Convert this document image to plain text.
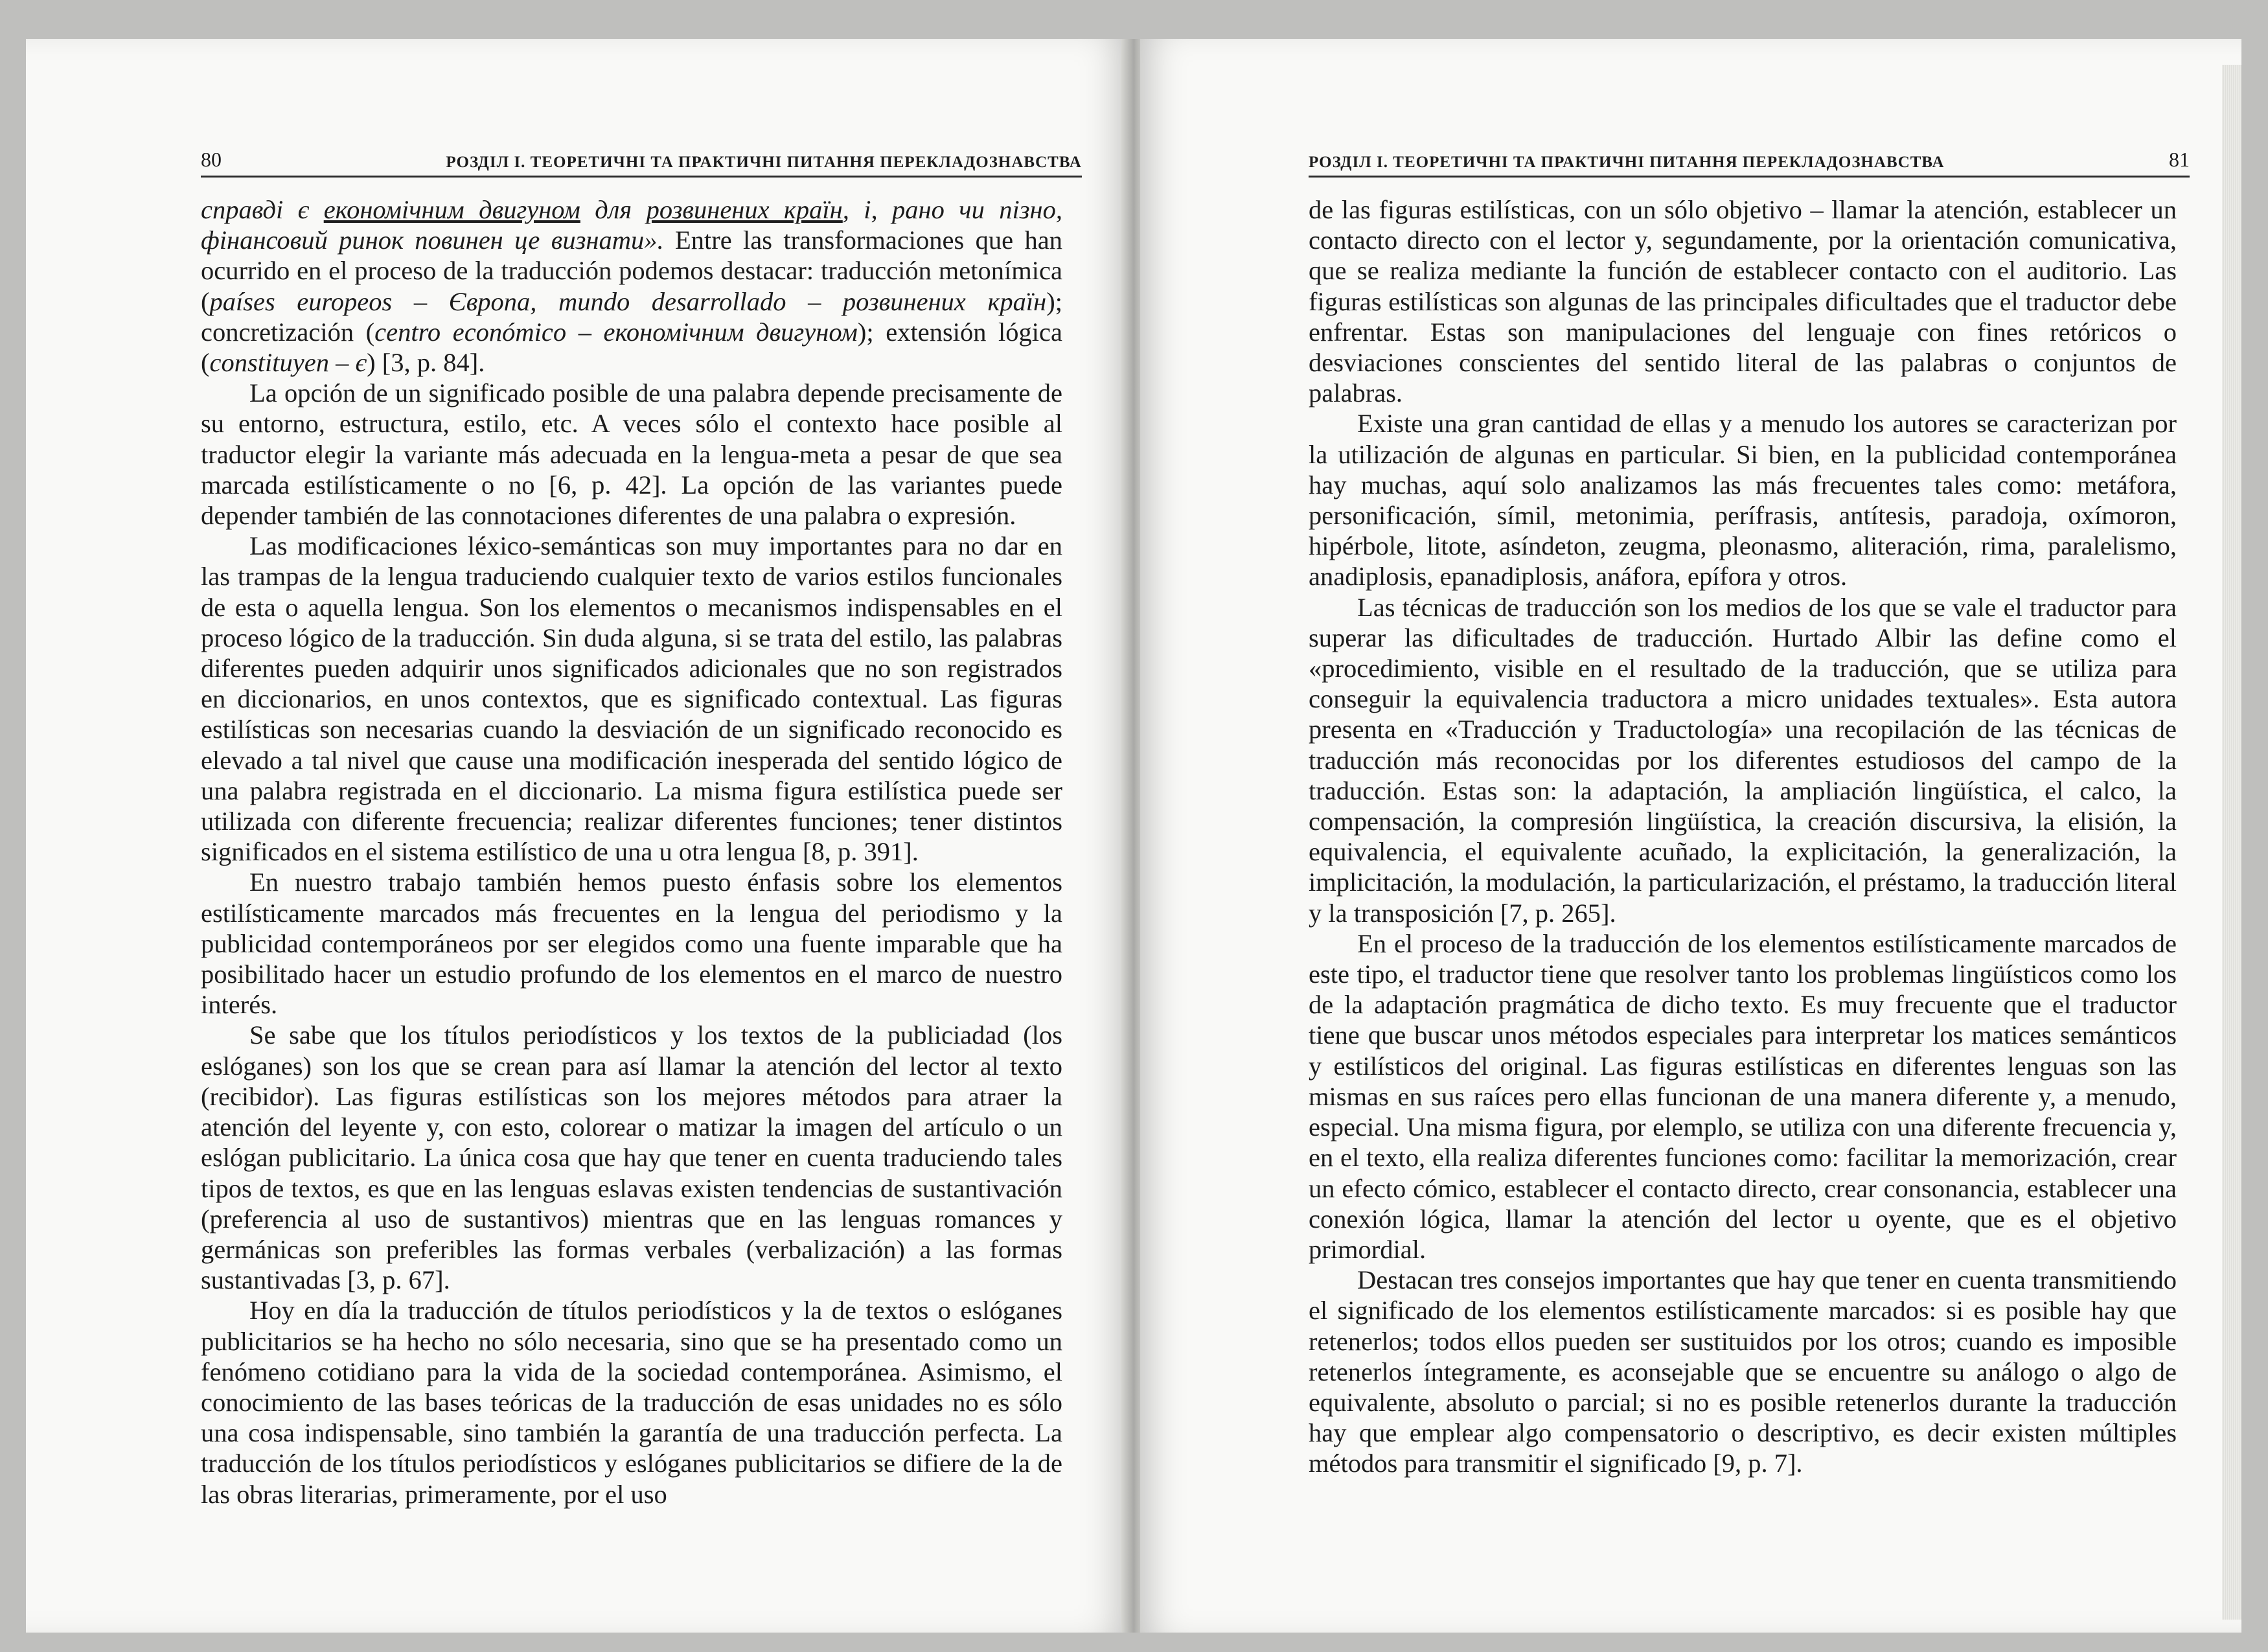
80	РОЗДІЛ І. ТЕОРЕТИЧНІ ТА ПРАКТИЧНІ ПИТАННЯ ПЕРЕКЛАДОЗНАВСТВА

справді є економічним двигуном для розвинених країн, і, рано чи пізно, фінансовий ринок повинен це визнати». Entre las transformaciones que han ocurrido en el proceso de la traducción podemos destacar: traducción metonímica (países europeos – Європа, mundo desarrollado – розвинених країн); concretización (centro económico – економічним двигуном); extensión lógica (constituyen – є) [3, p. 84].

La opción de un significado posible de una palabra depende precisamente de su entorno, estructura, estilo, etc. A veces sólo el contexto hace posible al traductor elegir la variante más adecuada en la lengua-meta a pesar de que sea marcada estilísticamente o no [6, p. 42]. La opción de las variantes puede depender también de las connotaciones diferentes de una palabra o expresión.

Las modificaciones léxico-semánticas son muy importantes para no dar en las trampas de la lengua traduciendo cualquier texto de varios estilos funcionales de esta o aquella lengua. Son los elementos o mecanismos indispensables en el proceso lógico de la traducción. Sin duda alguna, si se trata del estilo, las palabras diferentes pueden adquirir unos significados adicionales que no son registrados en diccionarios, en unos contextos, que es significado contextual. Las figuras estilísticas son necesarias cuando la desviación de un significado reconocido es elevado a tal nivel que cause una modificación inesperada del sentido lógico de una palabra registrada en el diccionario. La misma figura estilística puede ser utilizada con diferente frecuencia; realizar diferentes funciones; tener distintos significados en el sistema estilístico de una u otra lengua [8, p. 391].

En nuestro trabajo también hemos puesto énfasis sobre los elementos estilísticamente marcados más frecuentes en la lengua del periodismo y la publicidad contemporáneos por ser elegidos como una fuente imparable que ha posibilitado hacer un estudio profundo de los elementos en el marco de nuestro interés.

Se sabe que los títulos periodísticos y los textos de la publiciadad (los eslóganes) son los que se crean para así llamar la atención del lector al texto (recibidor). Las figuras estilísticas son los mejores métodos para atraer la atención del leyente y, con esto, colorear o matizar la imagen del artículo o un eslógan publicitario. La única cosa que hay que tener en cuenta traduciendo tales tipos de textos, es que en las lenguas eslavas existen tendencias de sustantivación (preferencia al uso de sustantivos) mientras que en las lenguas romances y germánicas son preferibles las formas verbales (verbalización) a las formas sustantivadas [3, p. 67].

Hoy en día la traducción de títulos periodísticos y la de textos o eslóganes publicitarios se ha hecho no sólo necesaria, sino que se ha presentado como un fenómeno cotidiano para la vida de la sociedad contemporánea. Asimismo, el conocimiento de las bases teóricas de la traducción de esas unidades no es sólo una cosa indispensable, sino también la garantía de una traducción perfecta. La traducción de los títulos periodísticos y eslóganes publicitarios se difiere de la de las obras literarias, primeramente, por el uso

РОЗДІЛ І. ТЕОРЕТИЧНІ ТА ПРАКТИЧНІ ПИТАННЯ ПЕРЕКЛАДОЗНАВСТВА	81

de las figuras estilísticas, con un sólo objetivo – llamar la atención, establecer un contacto directo con el lector y, segundamente, por la orientación comunicativa, que se realiza mediante la función de establecer contacto con el auditorio. Las figuras estilísticas son algunas de las principales dificultades que el traductor debe enfrentar. Estas son manipulaciones del lenguaje con fines retóricos o desviaciones conscientes del sentido literal de las palabras o conjuntos de palabras.

Existe una gran cantidad de ellas y a menudo los autores se caracterizan por la utilización de algunas en particular. Si bien, en la publicidad contemporánea hay muchas, aquí solo analizamos las más frecuentes tales como: metáfora, personificación, símil, metonimia, perífrasis, antítesis, paradoja, oxímoron, hipérbole, litote, asíndeton, zeugma, pleonasmo, aliteración, rima, paralelismo, anadiplosis, epanadiplosis, anáfora, epífora y otros.

Las técnicas de traducción son los medios de los que se vale el traductor para superar las dificultades de traducción. Hurtado Albir las define como el «procedimiento, visible en el resultado de la traducción, que se utiliza para conseguir la equivalencia traductora a micro unidades textuales». Esta autora presenta en «Traducción y Traductología» una recopilación de las técnicas de traducción más reconocidas por los diferentes estudiosos del campo de la traducción. Estas son: la adaptación, la ampliación lingüística, el calco, la compensación, la compresión lingüística, la creación discursiva, la elisión, la equivalencia, el equivalente acuñado, la explicitación, la generalización, la implicitación, la modulación, la particularización, el préstamo, la traducción literal y la transposición [7, p. 265].

En el proceso de la traducción de los elementos estilísticamente marcados de este tipo, el traductor tiene que resolver tanto los problemas lingüísticos como los de la adaptación pragmática de dicho texto. Es muy frecuente que el traductor tiene que buscar unos métodos especiales para interpretar los matices semánticos y estilísticos del original. Las figuras estilísticas en diferentes lenguas son las mismas en sus raíces pero ellas funcionan de una manera diferente y, a menudo, especial. Una misma figura, por elemplo, se utiliza con una diferente frecuencia y, en el texto, ella realiza diferentes funciones como: facilitar la memorización, crear un efecto cómico, establecer el contacto directo, crear consonancia, establecer una conexión lógica, llamar la atención del lector u oyente, que es el objetivo primordial.

Destacan tres consejos importantes que hay que tener en cuenta transmitiendo el significado de los elementos estilísticamente marcados: si es posible hay que retenerlos; todos ellos pueden ser sustituidos por los otros; cuando es imposible retenerlos íntegramente, es aconsejable que se encuentre su análogo o algo de equivalente, absoluto o parcial; si no es posible retenerlos durante la traducción hay que emplear algo compensatorio o descriptivo, es decir existen múltiples métodos para transmitir el significado [9, p. 7].
